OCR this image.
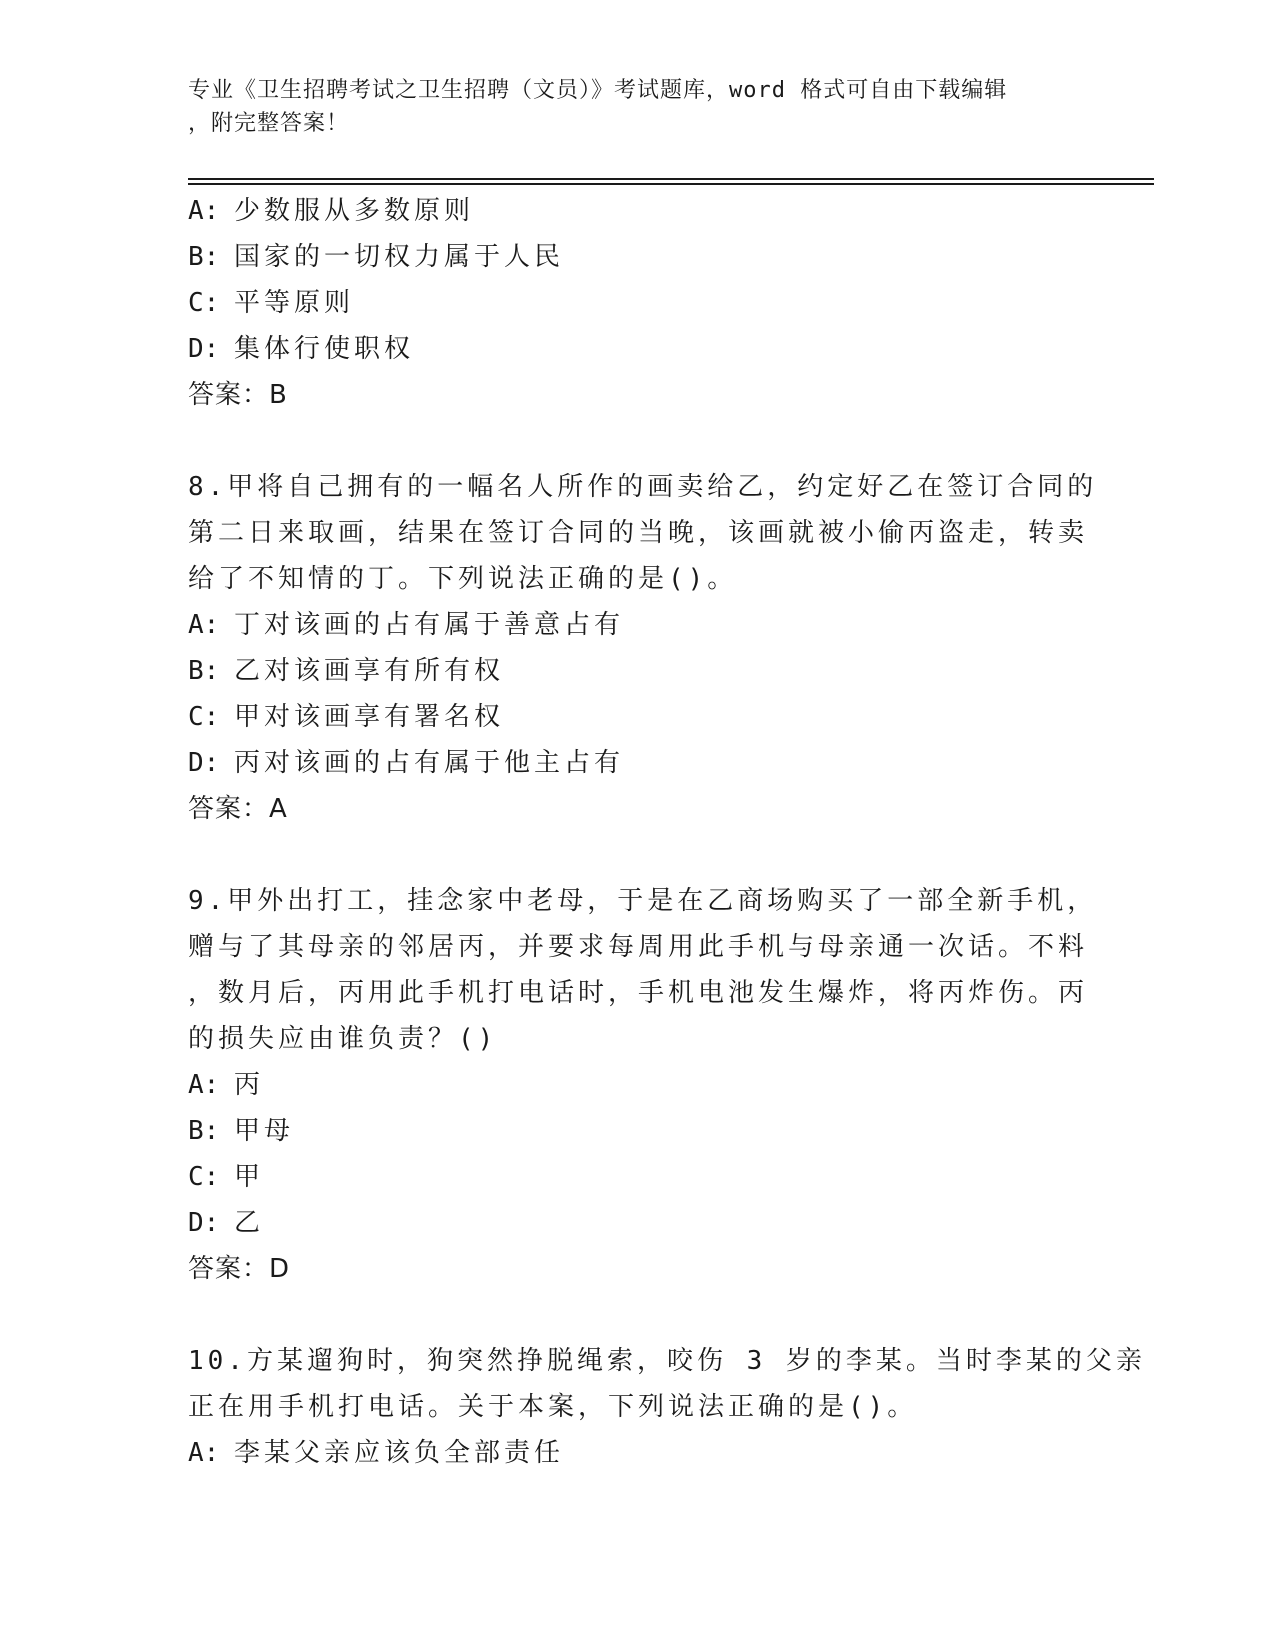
专业《卫生招聘考试之卫生招聘（文员）》考试题库，word 格式可自由下载编辑
，附完整答案！
A: 少数服从多数原则
B: 国家的一切权力属于人民
C: 平等原则
D: 集体行使职权
答案：B
8.甲将自己拥有的一幅名人所作的画卖给乙，约定好乙在签订合同的
第二日来取画，结果在签订合同的当晚，该画就被小偷丙盗走，转卖
给了不知情的丁。下列说法正确的是()。
A: 丁对该画的占有属于善意占有
B: 乙对该画享有所有权
C: 甲对该画享有署名权
D: 丙对该画的占有属于他主占有
答案：A
9.甲外出打工，挂念家中老母，于是在乙商场购买了一部全新手机，
赠与了其母亲的邻居丙，并要求每周用此手机与母亲通一次话。不料
，数月后，丙用此手机打电话时，手机电池发生爆炸，将丙炸伤。丙
的损失应由谁负责？()
A: 丙
B: 甲母
C: 甲
D: 乙
答案：D
10.方某遛狗时，狗突然挣脱绳索，咬伤 3 岁的李某。当时李某的父亲
正在用手机打电话。关于本案，下列说法正确的是()。
A: 李某父亲应该负全部责任
